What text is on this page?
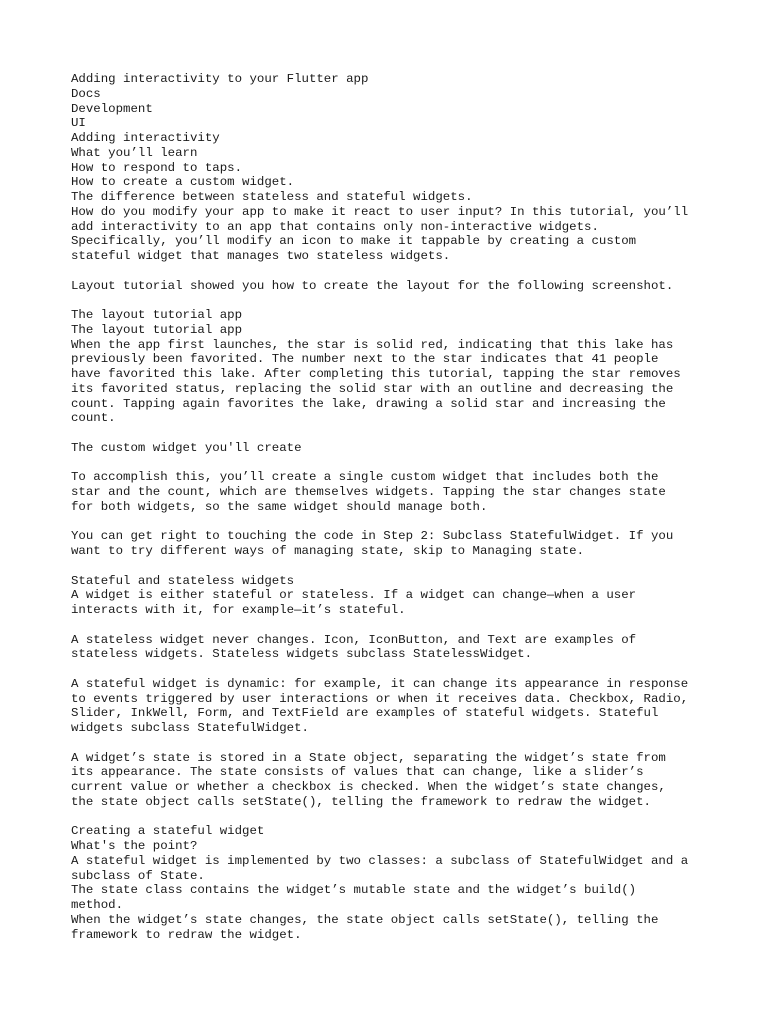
Adding interactivity to your Flutter app
Docs
Development
UI
Adding interactivity
What you’ll learn
How to respond to taps.
How to create a custom widget.
The difference between stateless and stateful widgets.
How do you modify your app to make it react to user input? In this tutorial, you’ll
add interactivity to an app that contains only non-interactive widgets.
Specifically, you’ll modify an icon to make it tappable by creating a custom
stateful widget that manages two stateless widgets.
Layout tutorial showed you how to create the layout for the following screenshot.
The layout tutorial app
The layout tutorial app
When the app first launches, the star is solid red, indicating that this lake has
previously been favorited. The number next to the star indicates that 41 people
have favorited this lake. After completing this tutorial, tapping the star removes
its favorited status, replacing the solid star with an outline and decreasing the
count. Tapping again favorites the lake, drawing a solid star and increasing the
count.
The custom widget you'll create
To accomplish this, you’ll create a single custom widget that includes both the
star and the count, which are themselves widgets. Tapping the star changes state
for both widgets, so the same widget should manage both.
You can get right to touching the code in Step 2: Subclass StatefulWidget. If you
want to try different ways of managing state, skip to Managing state.
Stateful and stateless widgets
A widget is either stateful or stateless. If a widget can change—when a user
interacts with it, for example—it’s stateful.
A stateless widget never changes. Icon, IconButton, and Text are examples of
stateless widgets. Stateless widgets subclass StatelessWidget.
A stateful widget is dynamic: for example, it can change its appearance in response
to events triggered by user interactions or when it receives data. Checkbox, Radio,
Slider, InkWell, Form, and TextField are examples of stateful widgets. Stateful
widgets subclass StatefulWidget.
A widget’s state is stored in a State object, separating the widget’s state from
its appearance. The state consists of values that can change, like a slider’s
current value or whether a checkbox is checked. When the widget’s state changes,
the state object calls setState(), telling the framework to redraw the widget.
Creating a stateful widget
What's the point?
A stateful widget is implemented by two classes: a subclass of StatefulWidget and a
subclass of State.
The state class contains the widget’s mutable state and the widget’s build()
method.
When the widget’s state changes, the state object calls setState(), telling the
framework to redraw the widget.
